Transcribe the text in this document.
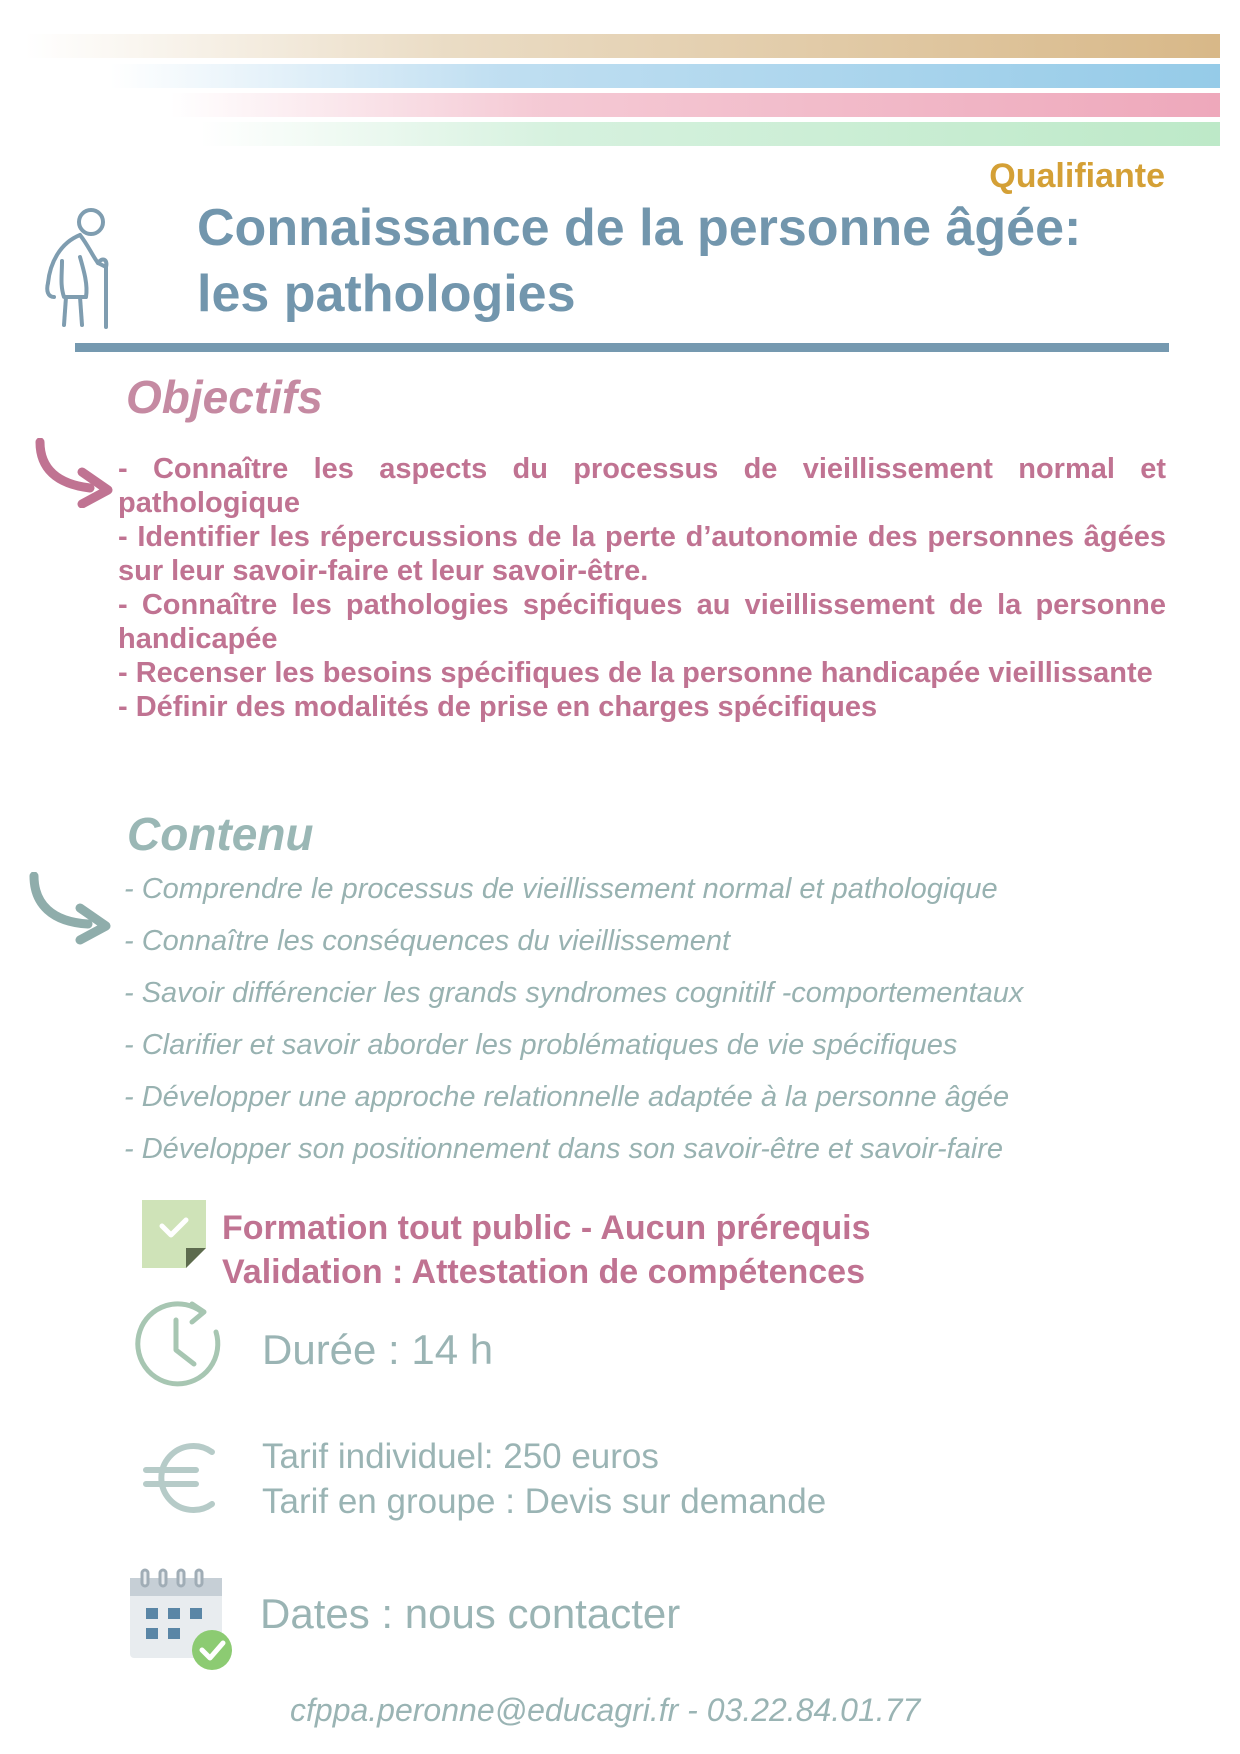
Qualifiante
Connaissance de la personne âgée:
les pathologies
Objectifs
- Connaître les aspects du processus de vieillissement normal et pathologique
- Identifier les répercussions de la perte d’autonomie des personnes âgées sur leur savoir-faire et leur savoir-être.
- Connaître les pathologies spécifiques au vieillissement de la personne handicapée
- Recenser les besoins spécifiques de la personne handicapée vieillissante
- Définir des modalités de prise en charges spécifiques
Contenu
- Comprendre le processus de vieillissement normal et pathologique
- Connaître les conséquences du vieillissement
- Savoir différencier les grands syndromes cognitilf -comportementaux
- Clarifier et savoir aborder les problématiques de vie spécifiques
- Développer une approche relationnelle adaptée à la personne âgée
- Développer son positionnement dans son savoir-être et savoir-faire
Formation tout public - Aucun prérequis
Validation : Attestation de compétences
Durée : 14 h
Tarif individuel: 250 euros
Tarif en groupe : Devis sur demande
Dates : nous contacter
cfppa.peronne@educagri.fr - 03.22.84.01.77
